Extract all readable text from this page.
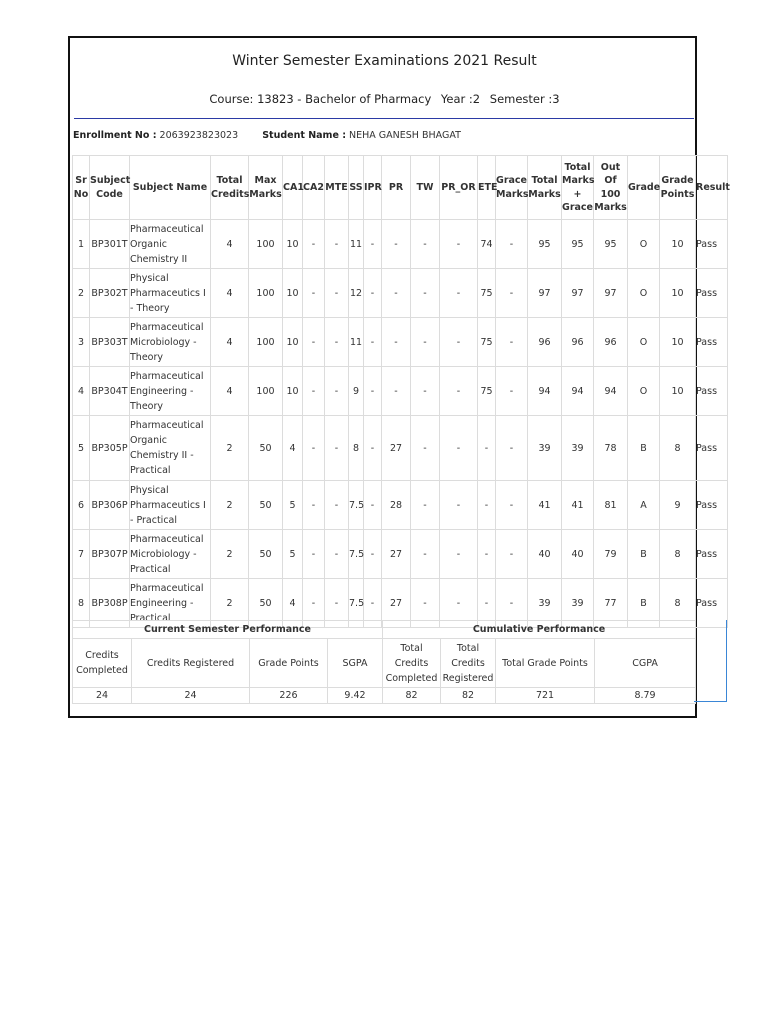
Winter Semester Examinations 2021 Result
Course: 13823 - Bachelor of Pharmacy Year :2 Semester :3
Enrollment No : 2063923823023	Student Name : NEHA GANESH BHAGAT
Sr No	Subject Code	Subject Name	Total Credits	Max Marks	CA1	CA2	MTE	SS	IPR	PR	TW	PR_OR	ETE	Grace Marks	Total Marks	Total Marks + Grace	Out Of 100 Marks	Grade	Grade Points	Result
1	BP301T	Pharmaceutical Organic Chemistry II	4	100	10	-	-	11	-	-	-	-	74	-	95	95	95	O	10	Pass
2	BP302T	Physical Pharmaceutics I - Theory	4	100	10	-	-	12	-	-	-	-	75	-	97	97	97	O	10	Pass
3	BP303T	Pharmaceutical Microbiology - Theory	4	100	10	-	-	11	-	-	-	-	75	-	96	96	96	O	10	Pass
4	BP304T	Pharmaceutical Engineering - Theory	4	100	10	-	-	9	-	-	-	-	75	-	94	94	94	O	10	Pass
5	BP305P	Pharmaceutical Organic Chemistry II - Practical	2	50	4	-	-	8	-	27	-	-	-	-	39	39	78	B	8	Pass
6	BP306P	Physical Pharmaceutics I - Practical	2	50	5	-	-	7.5	-	28	-	-	-	-	41	41	81	A	9	Pass
7	BP307P	Pharmaceutical Microbiology - Practical	2	50	5	-	-	7.5	-	27	-	-	-	-	40	40	79	B	8	Pass
8	BP308P	Pharmaceutical Engineering - Practical	2	50	4	-	-	7.5	-	27	-	-	-	-	39	39	77	B	8	Pass
Current Semester Performance				Cumulative Performance			
Credits Completed	Credits Registered	Grade Points	SGPA	Total Credits Completed	Total Credits Registered	Total Grade Points	CGPA
24	24	226	9.42	82	82	721	8.79
